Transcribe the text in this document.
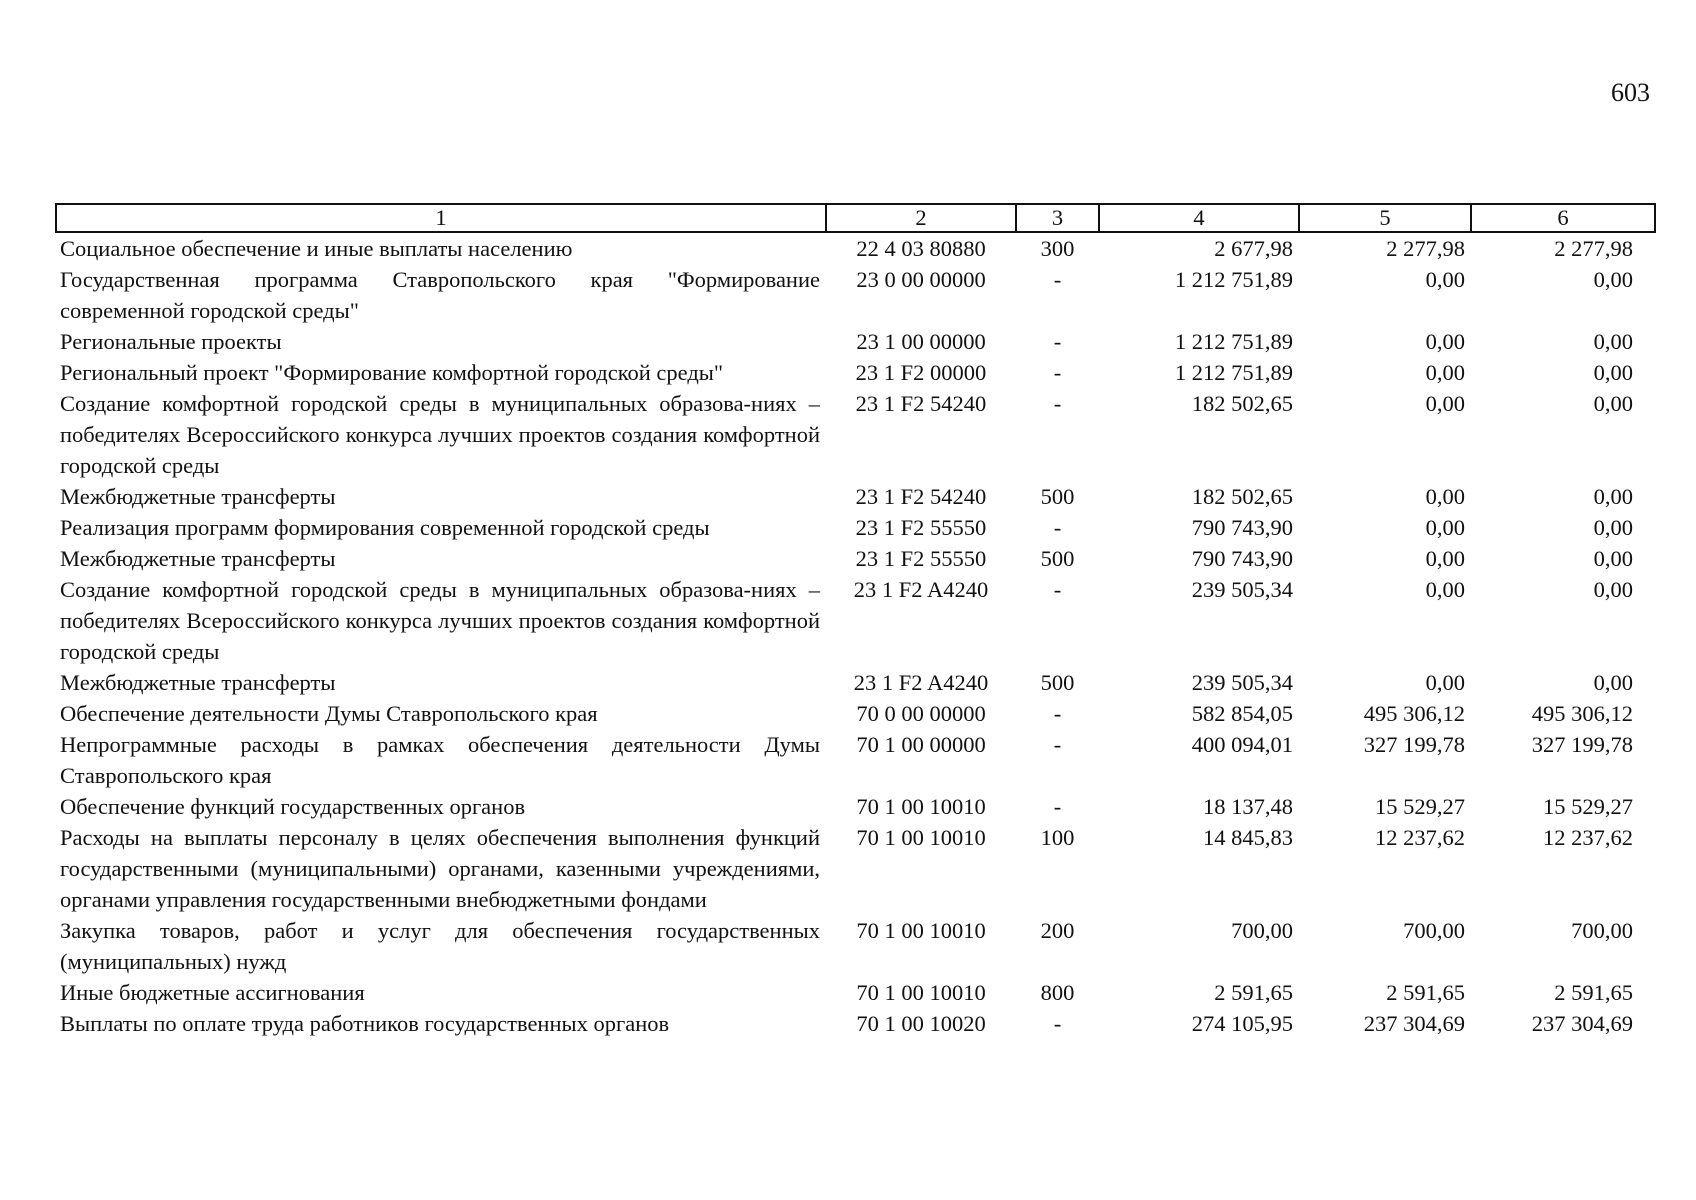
603
1	2	3	4	5	6
Социальное обеспечение и иные выплаты населению	22 4 03 80880	300	2 677,98	2 277,98	2 277,98
Государственная программа Ставропольского края "Формирование современной городской среды"	23 0 00 00000	-	1 212 751,89	0,00	0,00
Региональные проекты	23 1 00 00000	-	1 212 751,89	0,00	0,00
Региональный проект "Формирование комфортной городской среды"	23 1 F2 00000	-	1 212 751,89	0,00	0,00
Создание комфортной городской среды в муниципальных образова-ниях – победителях Всероссийского конкурса лучших проектов создания комфортной городской среды	23 1 F2 54240	-	182 502,65	0,00	0,00
Межбюджетные трансферты	23 1 F2 54240	500	182 502,65	0,00	0,00
Реализация программ формирования современной городской среды	23 1 F2 55550	-	790 743,90	0,00	0,00
Межбюджетные трансферты	23 1 F2 55550	500	790 743,90	0,00	0,00
Создание комфортной городской среды в муниципальных образова-ниях – победителях Всероссийского конкурса лучших проектов создания комфортной городской среды	23 1 F2 A4240	-	239 505,34	0,00	0,00
Межбюджетные трансферты	23 1 F2 A4240	500	239 505,34	0,00	0,00
Обеспечение деятельности Думы Ставропольского края	70 0 00 00000	-	582 854,05	495 306,12	495 306,12
Непрограммные расходы в рамках обеспечения деятельности Думы Ставропольского края	70 1 00 00000	-	400 094,01	327 199,78	327 199,78
Обеспечение функций государственных органов	70 1 00 10010	-	18 137,48	15 529,27	15 529,27
Расходы на выплаты персоналу в целях обеспечения выполнения функций государственными (муниципальными) органами, казенными учреждениями, органами управления государственными внебюджетными фондами	70 1 00 10010	100	14 845,83	12 237,62	12 237,62
Закупка товаров, работ и услуг для обеспечения государственных (муниципальных) нужд	70 1 00 10010	200	700,00	700,00	700,00
Иные бюджетные ассигнования	70 1 00 10010	800	2 591,65	2 591,65	2 591,65
Выплаты по оплате труда работников государственных органов	70 1 00 10020	-	274 105,95	237 304,69	237 304,69
